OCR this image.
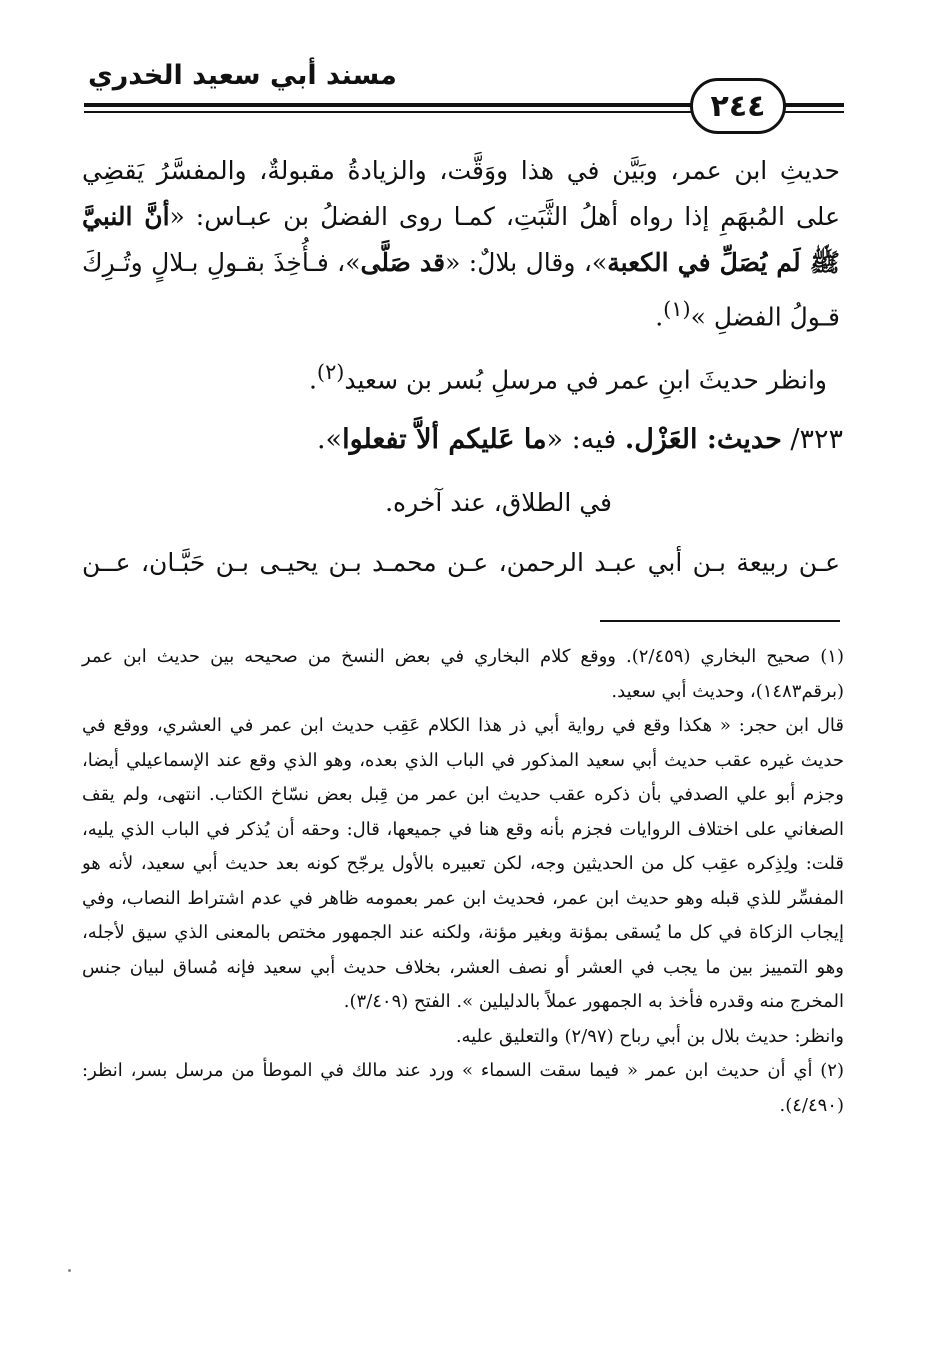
مسند أبي سعيد الخدري
٢٤٤

حديثِ ابن عمر، وبَيَّن في هذا ووَقَّت، والزيادةُ مقبولةٌ، والمفسَّرُ يَقضِي على المُبهَمِ إذا رواه أهلُ الثَّبَتِ، كمـا روى الفضلُ بن عبـاس: «أنَّ النبيَّ ﷺ لَم يُصَلِّ في الكعبة»، وقال بلالٌ: «قد صَلَّى»، فـأُخِذَ بقـولِ بـلالٍ وتُـرِكَ قـولُ الفضلِ »$^{(١)}$.

وانظر حديثَ ابنِ عمر في مرسلِ بُسر بن سعيد$^{(٢)}$.
٣٢٣/ حديث: العَزْل. فيه: «ما عَليكم ألاَّ تفعلوا».
في الطلاق، عند آخره.
عـن ربيعة بـن أبي عبـد الرحمن، عـن محمـد بـن يحيـى بـن حَبَّـان، عــن

(١) صحيح البخاري (٢/٤٥٩). ووقع كلام البخاري في بعض النسخ من صحيحه بين حديث ابن عمر (برقم١٤٨٣)، وحديث أبي سعيد.

قال ابن حجر: « هكذا وقع في رواية أبي ذر هذا الكلام عَقِب حديث ابن عمر في العشري، ووقع في حديث غيره عقب حديث أبي سعيد المذكور في الباب الذي بعده، وهو الذي وقع عند الإسماعيلي أيضا، وجزم أبو علي الصدفي بأن ذكره عقب حديث ابن عمر من قِبل بعض نسّاخ الكتاب. انتهى، ولم يقف الصغاني على اختلاف الروايات فجزم بأنه وقع هنا في جميعها، قال: وحقه أن يُذكر في الباب الذي يليه، قلت: ولِذِكره عقِب كل من الحديثين وجه، لكن تعبيره بالأول يرجّح كونه بعد حديث أبي سعيد، لأنه هو المفسِّر للذي قبله وهو حديث ابن عمر، فحديث ابن عمر بعمومه ظاهر في عدم اشتراط النصاب، وفي إيجاب الزكاة في كل ما يُسقى بمؤنة وبغير مؤنة، ولكنه عند الجمهور مختص بالمعنى الذي سيق لأجله، وهو التمييز بين ما يجب في العشر أو نصف العشر، بخلاف حديث أبي سعيد فإنه مُساق لبيان جنس المخرج منه وقدره فأخذ به الجمهور عملاً بالدليلين ». الفتح (٣/٤٠٩).

وانظر: حديث بلال بن أبي رباح (٢/٩٧) والتعليق عليه.

(٢) أي أن حديث ابن عمر « فيما سقت السماء » ورد عند مالك في الموطأ من مرسل بسر، انظر: (٤/٤٩٠).
